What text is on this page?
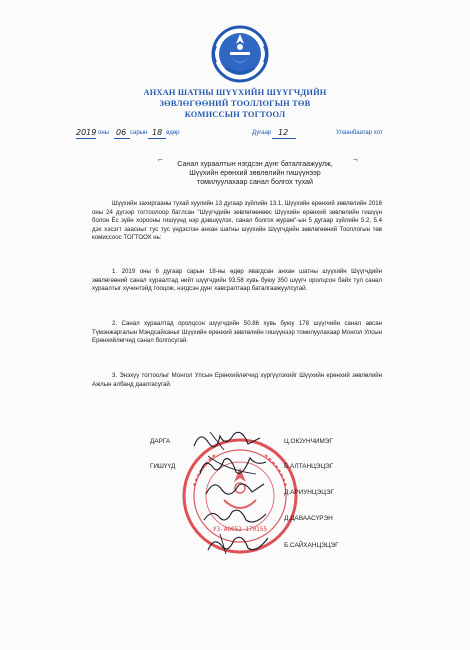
АНХАН ШАТНЫ ШҮҮХИЙН ШҮҮГЧДИЙН
ЗӨВЛӨГӨӨНИЙ ТООЛЛОГЫН ТӨВ
КОМИССЫН ТОГТООЛ
2019 оны 06 сарын 18 өдөр	Дугаар 12	Улаанбаатар хот
⌐	¬
Санал хураалтын нэгдсэн дүнг баталгаажуулж,
Шүүхийн ерөнхий зөвлөлийн гишүүнээр
томилуулахаар санал болгох тухай
Шүүхийн захиргааны тухай хуулийн 13 дугаар зүйлийн 13.1, Шүүхийн ерөнхий зөвлөлийн 2016 оны 24 дүгээр тогтоолоор батлсан "Шүүгчдийн зөвлөгөөнөөс Шүүхийн ерөнхий зөвлөлийн гишүүн болон Ёс зүйн хорооны гишүүнд нэр дэвшүүлэх, санал болгох журам"-ын 5 дугаар зүйлийн 5.2, 5.4 дэх хэсэгт заасныг тус тус үндэслэн анхан шатны шүүхийн Шүүгчдийн зөвлөгөөний Тооллогын төв комиссоос ТОГТООХ нь:
1. 2019 оны 6 дугаар сарын 18-ны өдөр явагдсан анхан шатны шүүхийн Шүүгчдийн зөвлөгөөний санал хураалтад нийт шүүгчдийн 93.58 хувь буюу 350 шүүгч оролцсон байх тул санал хураалтыг хүчинтэйд тооцож, нэгдсэн дүнг хавсралтаар баталгаажуулсугай.
2. Санал хураалтад оролцсон шүүгчдийн 50.86 хувь буюу 178 шүүгчийн санал авсан Түмэнжаргалын Мэндсайханыг Шүүхийн ерөнхий зөвлөлийн гишүүнээр томилуулахаар Монгол Улсын Ерөнхийлөгчид санал болгосугай.
3. Энэхүү тогтоолыг Монгол Улсын Ерөнхийлөгчид хүргүүлэхийг Шүүхийн ерөнхий зөвлөлийн Ажлын албанд даалгасугай.
УЗ-АО052 170155
ДАРГА
ГИШҮҮД
Ц.ОЮУНЧИМЭГ
Б.АЛТАНЦЭЦЭГ
Д.АРИУНЦЭЦЭГ
Д.ДАВААСҮРЭН
Б.САЙХАНЦЭЦЭГ
